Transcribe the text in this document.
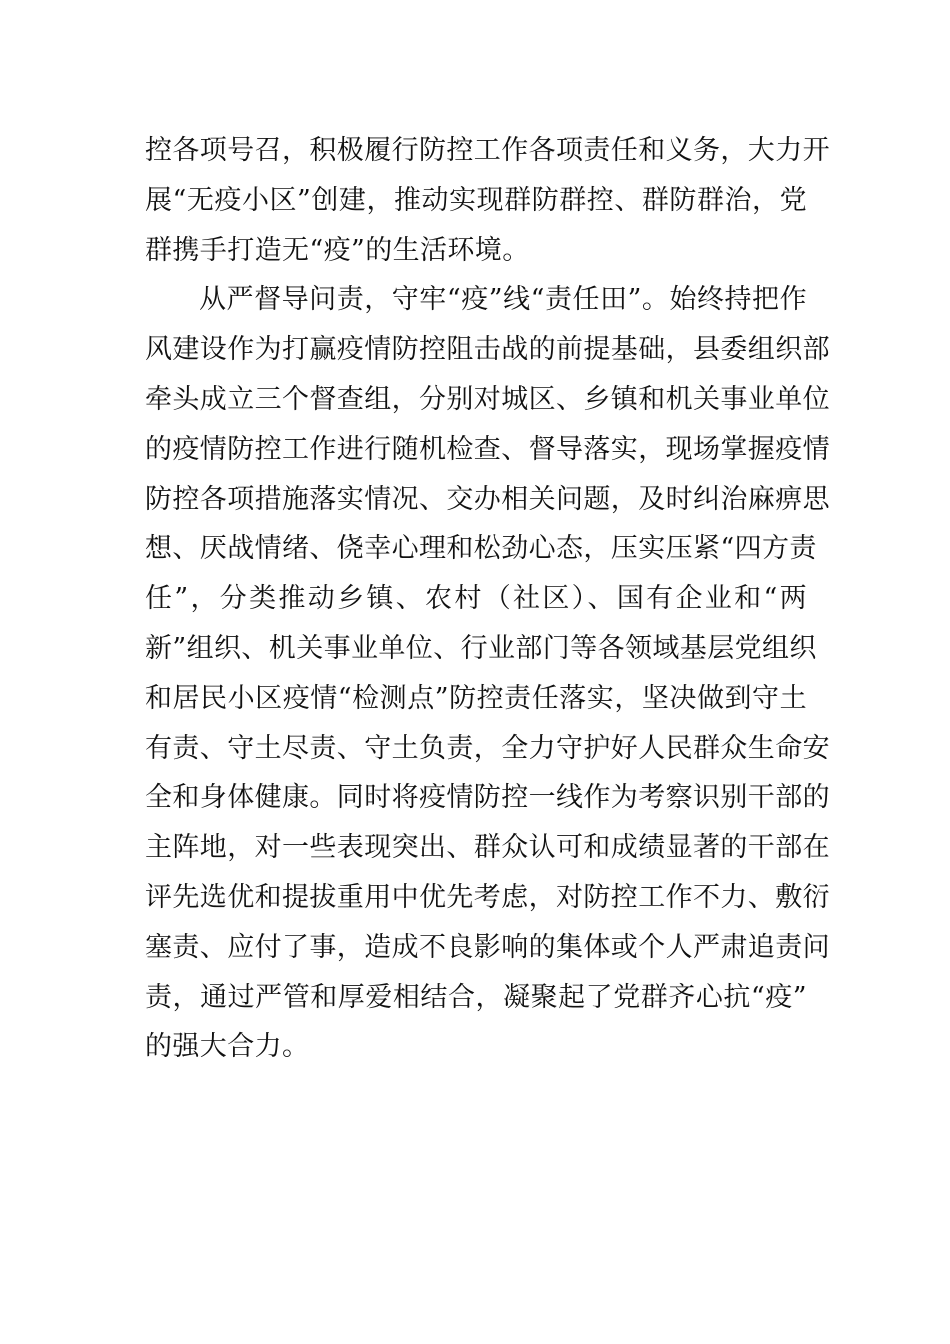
控各项号召，积极履行防控工作各项责任和义务，大力开
展“无疫小区”创建，推动实现群防群控、群防群治，党
群携手打造无“疫”的生活环境。
从严督导问责，守牢“疫”线“责任田”。始终持把作
风建设作为打赢疫情防控阻击战的前提基础，县委组织部
牵头成立三个督查组，分别对城区、乡镇和机关事业单位
的疫情防控工作进行随机检查、督导落实，现场掌握疫情
防控各项措施落实情况、交办相关问题，及时纠治麻痹思
想、厌战情绪、侥幸心理和松劲心态，压实压紧“四方责
任”，分类推动乡镇、农村（社区）、国有企业和“两
新”组织、机关事业单位、行业部门等各领域基层党组织
和居民小区疫情“检测点”防控责任落实，坚决做到守土
有责、守土尽责、守土负责，全力守护好人民群众生命安
全和身体健康。同时将疫情防控一线作为考察识别干部的
主阵地，对一些表现突出、群众认可和成绩显著的干部在
评先选优和提拔重用中优先考虑，对防控工作不力、敷衍
塞责、应付了事，造成不良影响的集体或个人严肃追责问
责，通过严管和厚爱相结合，凝聚起了党群齐心抗“疫”
的强大合力。
